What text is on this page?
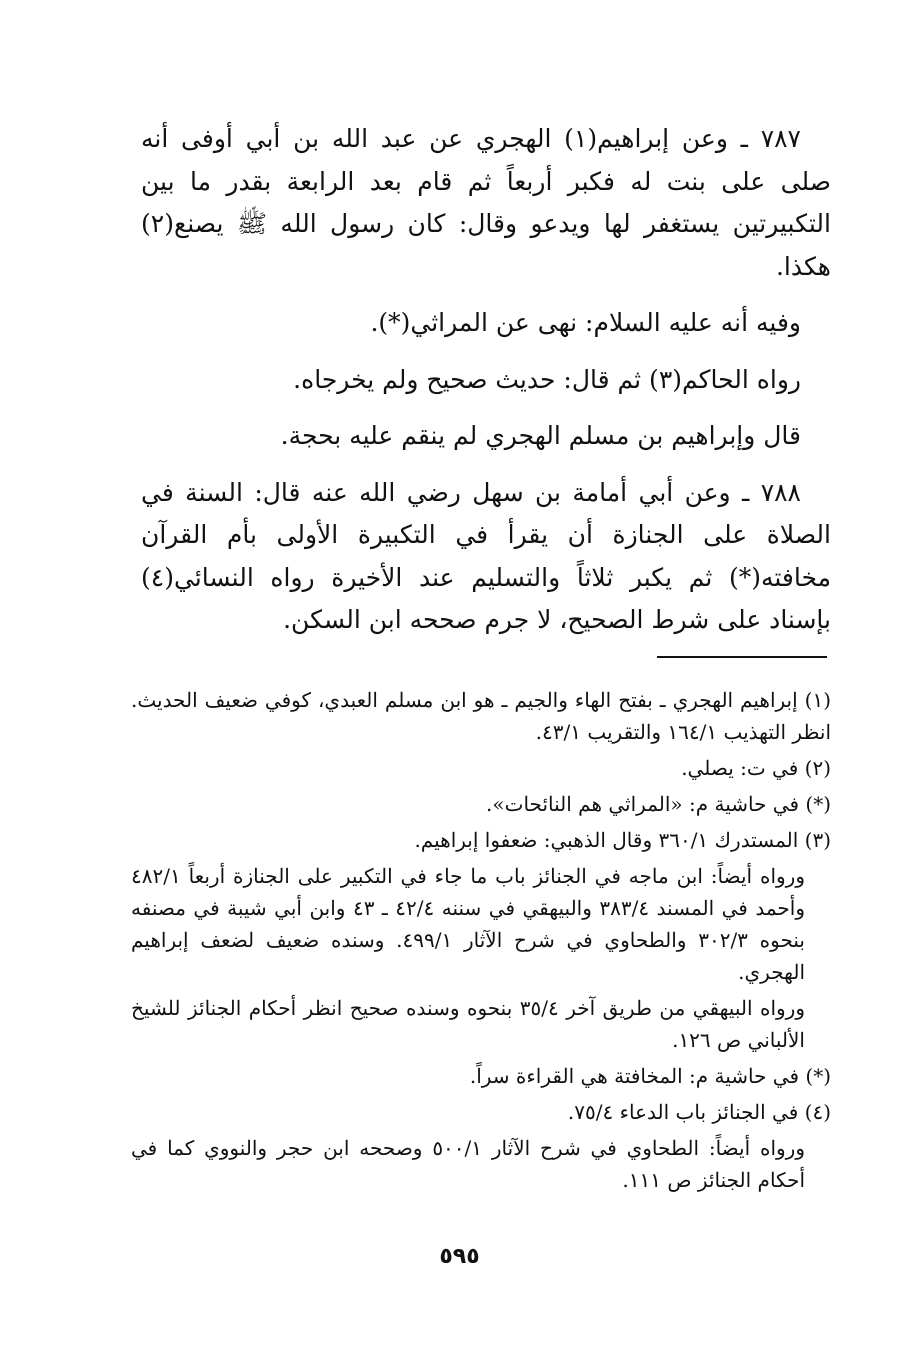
٧٨٧ ـ وعن إبراهيم(١) الهجري عن عبد الله بن أبي أوفى أنه صلى على بنت له فكبر أربعاً ثم قام بعد الرابعة بقدر ما بين التكبيرتين يستغفر لها ويدعو وقال: كان رسول الله ﷺ يصنع(٢) هكذا.

وفيه أنه عليه السلام: نهى عن المراثي(*).

رواه الحاكم(٣) ثم قال: حديث صحيح ولم يخرجاه.

قال وإبراهيم بن مسلم الهجري لم ينقم عليه بحجة.

٧٨٨ ـ وعن أبي أمامة بن سهل رضي الله عنه قال: السنة في الصلاة على الجنازة أن يقرأ في التكبيرة الأولى بأم القرآن مخافته(*) ثم يكبر ثلاثاً والتسليم عند الأخيرة رواه النسائي(٤) بإسناد على شرط الصحيح، لا جرم صححه ابن السكن.

(١) إبراهيم الهجري ـ بفتح الهاء والجيم ـ هو ابن مسلم العبدي، كوفي ضعيف الحديث. انظر التهذيب ١٦٤/١ والتقريب ٤٣/١.

(٢) في ت: يصلي.

(*) في حاشية م: «المراثي هم النائحات».

(٣) المستدرك ٣٦٠/١ وقال الذهبي: ضعفوا إبراهيم.

ورواه أيضاً: ابن ماجه في الجنائز باب ما جاء في التكبير على الجنازة أربعاً ٤٨٢/١ وأحمد في المسند ٣٨٣/٤ والبيهقي في سننه ٤٢/٤ ـ ٤٣ وابن أبي شيبة في مصنفه بنحوه ٣٠٢/٣ والطحاوي في شرح الآثار ٤٩٩/١. وسنده ضعيف لضعف إبراهيم الهجري.

ورواه البيهقي من طريق آخر ٣٥/٤ بنحوه وسنده صحيح انظر أحكام الجنائز للشيخ الألباني ص ١٢٦.

(*) في حاشية م: المخافتة هي القراءة سراً.

(٤) في الجنائز باب الدعاء ٧٥/٤.

ورواه أيضاً: الطحاوي في شرح الآثار ٥٠٠/١ وصححه ابن حجر والنووي كما في أحكام الجنائز ص ١١١.

٥٩٥
